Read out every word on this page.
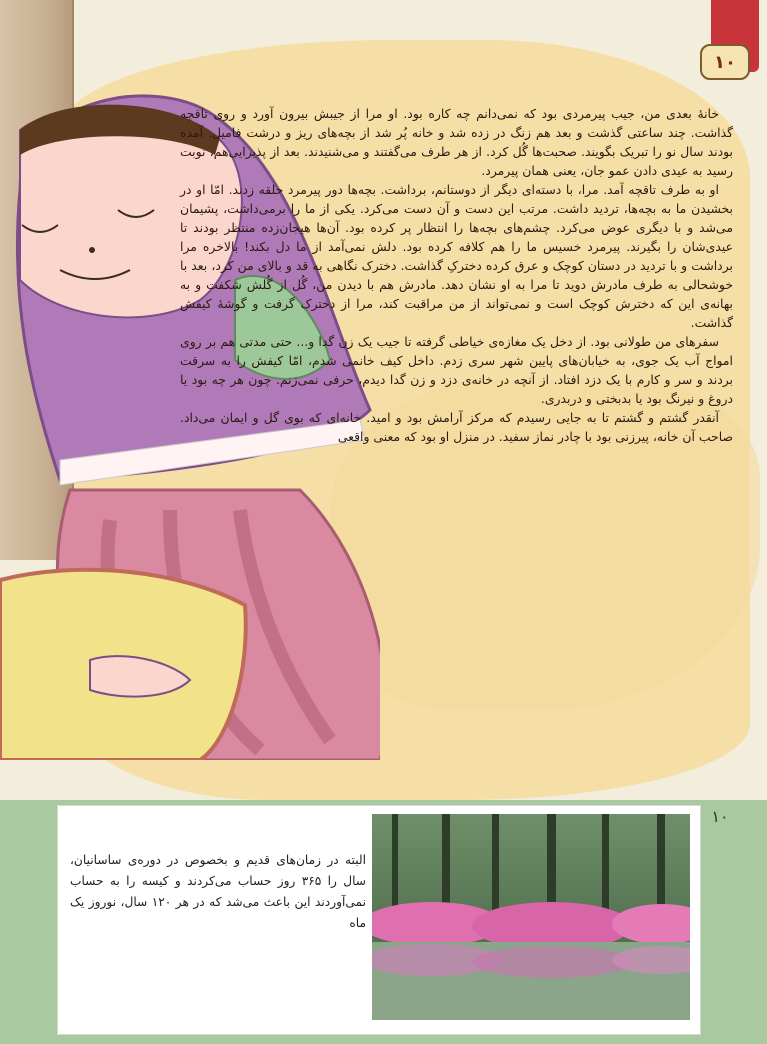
۱۰

خانهٔ بعدی من، جیب پیرمردی بود که نمی‌دانم چه کاره بود. او مرا از جیبش بیرون آورد و روی تاقچه گذاشت. چند ساعتی گذشت و بعد هم زنگ در زده شد و خانه پُر شد از بچه‌های ریز و درشت فامیل. آمده بودند سال نو را تبریک بگویند. صحبت‌ها گُل کرد. از هر طرف می‌گفتند و می‌شنیدند. بعد از پذیرایی‌هم، نوبت رسید به عیدی دادن عمو جان، یعنی همان پیرمرد.

او به طرف تاقچه آمد. مرا، با دسته‌ای دیگر از دوستانم، برداشت. بچه‌ها دور پیرمرد حلقه زدند. امّا او در بخشیدن ما به بچه‌ها، تردید داشت. مرتب این دست و آن دست می‌کرد. یکی از ما را برمی‌داشت، پشیمان می‌شد و با دیگری عوض می‌کرد. چشم‌های بچه‌ها را انتظار پر کرده بود. آن‌ها هیجان‌زده منتظر بودند تا عیدی‌شان را بگیرند. پیرمرد خسیس ما را هم کلافه کرده بود. دلش نمی‌آمد از ما دل بکند! بالاخره مرا برداشت و با تردید در دستان کوچک و عرق کرده دخترکِ گذاشت. دخترک نگاهی به قد و بالای من کرد، بعد با خوشحالی به طرف مادرش دوید تا مرا به او نشان دهد. مادرش هم با دیدن من، گُل از گُلش شکفت و به بهانه‌ی این که دخترش کوچک است و نمی‌تواند از من مراقبت کند، مرا از دخترک گرفت و گوشهٔ کیفش گذاشت.

سفرهای من طولانی بود. از دخل یک مغازه‌ی خیاطی گرفته تا جیب یک زن گدا و... حتی مدتی هم بر روی امواج آب یک جوی، به خیابان‌های پایین شهر سری زدم. داخل کیف خانمی شدم، امّا کیفش را به سرقت بردند و سر و کارم با یک دزد افتاد. از آنچه در خانه‌ی دزد و زن گدا دیدم، حرفی نمی‌زنم. چون هر چه بود یا دروغ و نیرنگ بود یا بدبختی و دربدری.

آنقدر گشتم و گشتم تا به جایی رسیدم که مرکز آرامش بود و امید. خانه‌ای که بوی گل و ایمان می‌داد. صاحب آن خانه، پیرزنی بود با چادر نماز سفید. در منزل او بود که معنی واقعی

۱۰

البته در زمان‌های قدیم و بخصوص در دوره‌ی ساسانیان، سال را ۳۶۵ روز حساب می‌کردند و کیسه را به حساب نمی‌آوردند این باعث می‌شد که در هر ۱۲۰ سال، نوروز یک ماه
